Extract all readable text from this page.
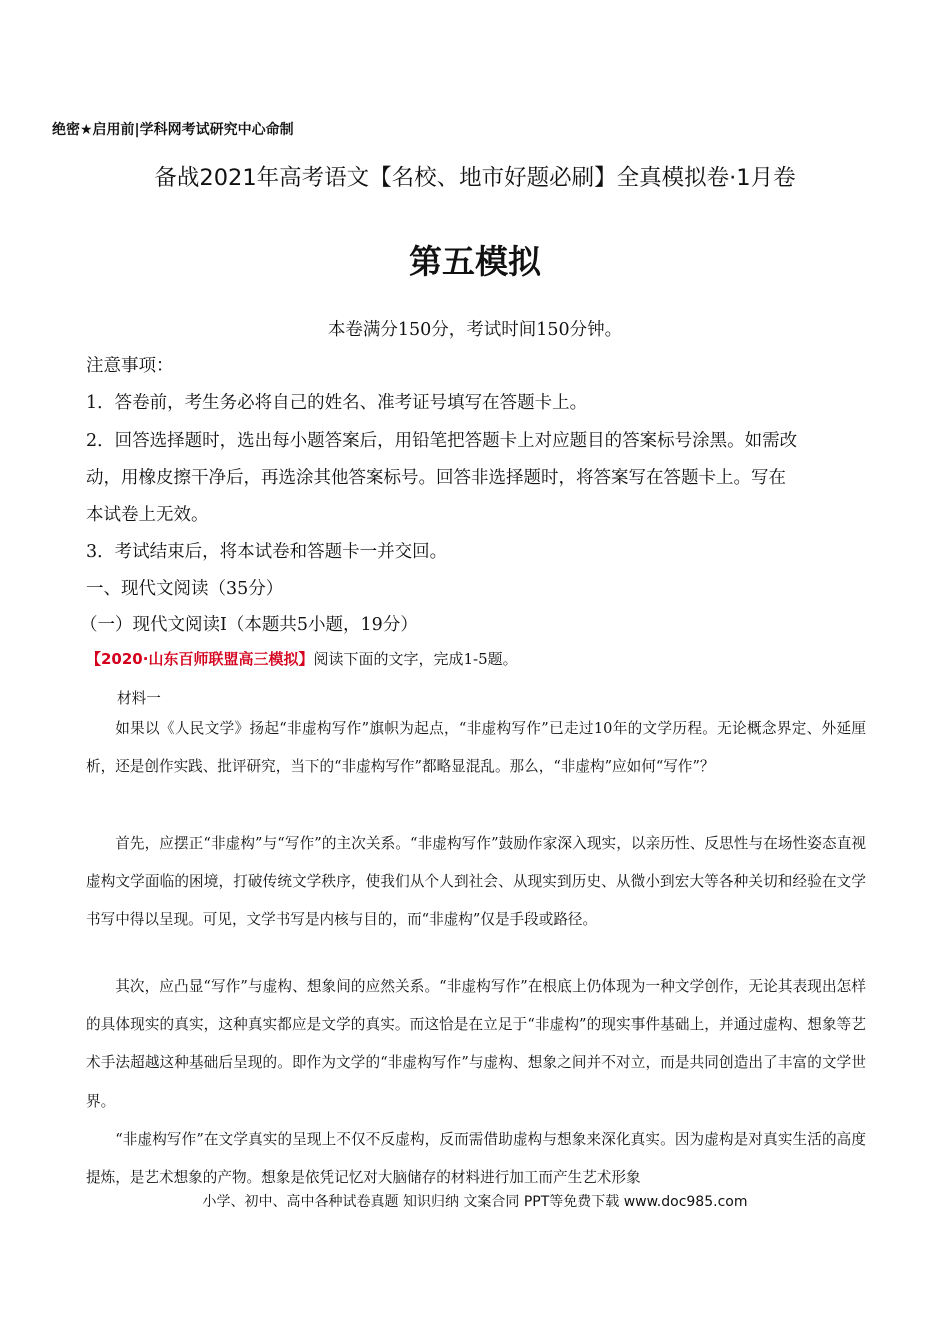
绝密★启用前|学科网考试研究中心命制
备战2021年高考语文【名校、地市好题必刷】全真模拟卷·1月卷
第五模拟
本卷满分150分，考试时间150分钟。
注意事项：
1．答卷前，考生务必将自己的姓名、准考证号填写在答题卡上。
2．回答选择题时，选出每小题答案后，用铅笔把答题卡上对应题目的答案标号涂黑。如需改
动，用橡皮擦干净后，再选涂其他答案标号。回答非选择题时，将答案写在答题卡上。写在
本试卷上无效。
3．考试结束后，将本试卷和答题卡一并交回。
一、现代文阅读（35分）
（一）现代文阅读Ⅰ（本题共5小题，19分）
【2020·山东百师联盟高三模拟】阅读下面的文字，完成1-5题。
材料一
如果以《人民文学》扬起“非虚构写作”旗帜为起点，“非虚构写作”已走过10年的文学历程。无论概念界定、外延厘析，还是创作实践、批评研究，当下的“非虚构写作”都略显混乱。那么，“非虚构”应如何“写作”？
首先，应摆正“非虚构”与“写作”的主次关系。“非虚构写作”鼓励作家深入现实，以亲历性、反思性与在场性姿态直视虚构文学面临的困境，打破传统文学秩序，使我们从个人到社会、从现实到历史、从微小到宏大等各种关切和经验在文学书写中得以呈现。可见，文学书写是内核与目的，而“非虚构”仅是手段或路径。
其次，应凸显“写作”与虚构、想象间的应然关系。“非虚构写作”在根底上仍体现为一种文学创作，无论其表现出怎样的具体现实的真实，这种真实都应是文学的真实。而这恰是在立足于“非虚构”的现实事件基础上，并通过虚构、想象等艺术手法超越这种基础后呈现的。即作为文学的“非虚构写作”与虚构、想象之间并不对立，而是共同创造出了丰富的文学世界。
“非虚构写作”在文学真实的呈现上不仅不反虚构，反而需借助虚构与想象来深化真实。因为虚构是对真实生活的高度提炼，是艺术想象的产物。想象是依凭记忆对大脑储存的材料进行加工而产生艺术形象
小学、初中、高中各种试卷真题 知识归纳 文案合同 PPT等免费下载 www.doc985.com
